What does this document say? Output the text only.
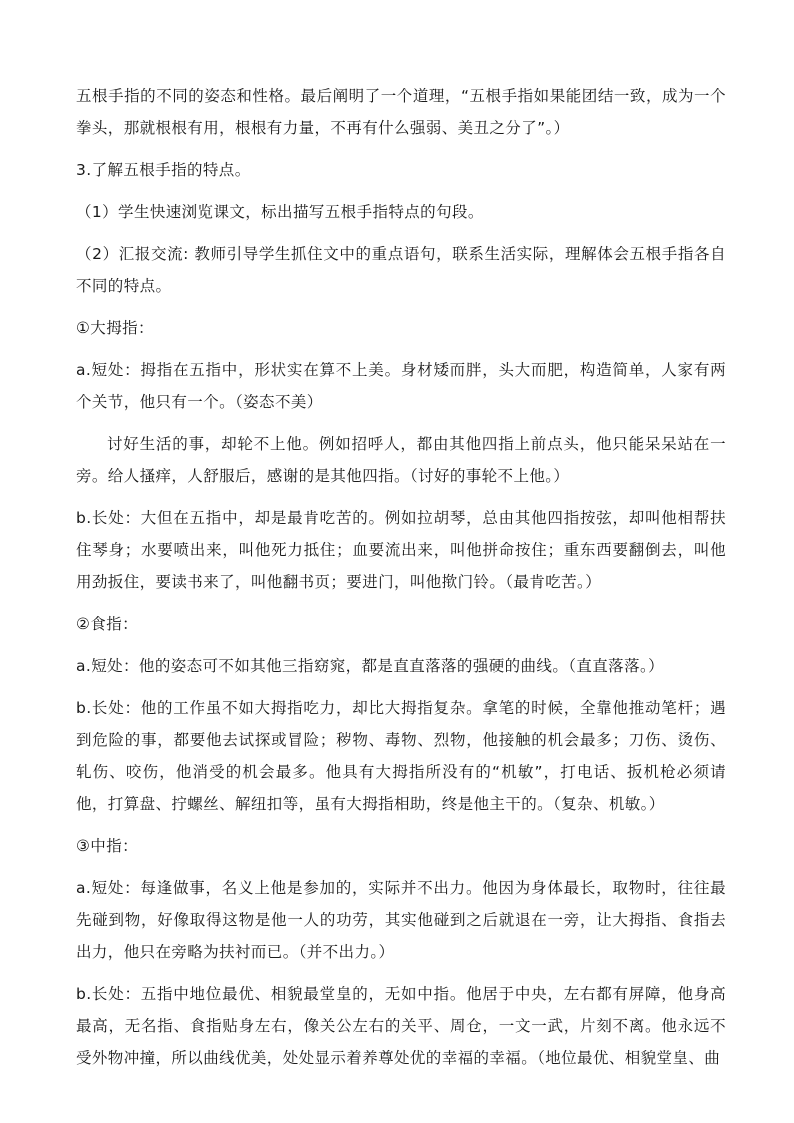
五根手指的不同的姿态和性格。最后阐明了一个道理，“五根手指如果能团结一致，成为一个拳头，那就根根有用，根根有力量，不再有什么强弱、美丑之分了”。）

3.了解五根手指的特点。

（1）学生快速浏览课文，标出描写五根手指特点的句段。

（2）汇报交流: 教师引导学生抓住文中的重点语句，联系生活实际，理解体会五根手指各自不同的特点。

①大拇指：

a.短处：拇指在五指中，形状实在算不上美。身材矮而胖，头大而肥，构造简单，人家有两个关节，他只有一个。（姿态不美）

讨好生活的事，却轮不上他。例如招呼人，都由其他四指上前点头，他只能呆呆站在一旁。给人搔痒，人舒服后，感谢的是其他四指。（讨好的事轮不上他。）

b.长处：大但在五指中，却是最肯吃苦的。例如拉胡琴，总由其他四指按弦，却叫他相帮扶住琴身；水要喷出来，叫他死力抵住；血要流出来，叫他拼命按住；重东西要翻倒去，叫他用劲扳住，要读书来了，叫他翻书页；要进门，叫他揿门铃。（最肯吃苦。）

②食指：

a.短处：他的姿态可不如其他三指窈窕，都是直直落落的强硬的曲线。（直直落落。）

b.长处：他的工作虽不如大拇指吃力，却比大拇指复杂。拿笔的时候，全靠他推动笔杆；遇到危险的事，都要他去试探或冒险；秽物、毒物、烈物，他接触的机会最多；刀伤、烫伤、轧伤、咬伤，他消受的机会最多。他具有大拇指所没有的“机敏”，打电话、扳机枪必须请他，打算盘、拧螺丝、解纽扣等，虽有大拇指相助，终是他主干的。（复杂、机敏。）

③中指：

a.短处：每逢做事，名义上他是参加的，实际并不出力。他因为身体最长，取物时，往往最先碰到物，好像取得这物是他一人的功劳，其实他碰到之后就退在一旁，让大拇指、食指去出力，他只在旁略为扶衬而已。（并不出力。）

b.长处：五指中地位最优、相貌最堂皇的，无如中指。他居于中央，左右都有屏障，他身高最高，无名指、食指贴身左右，像关公左右的关平、周仓，一文一武，片刻不离。他永远不受外物冲撞，所以曲线优美，处处显示着养尊处优的幸福的幸福。（地位最优、相貌堂皇、曲
